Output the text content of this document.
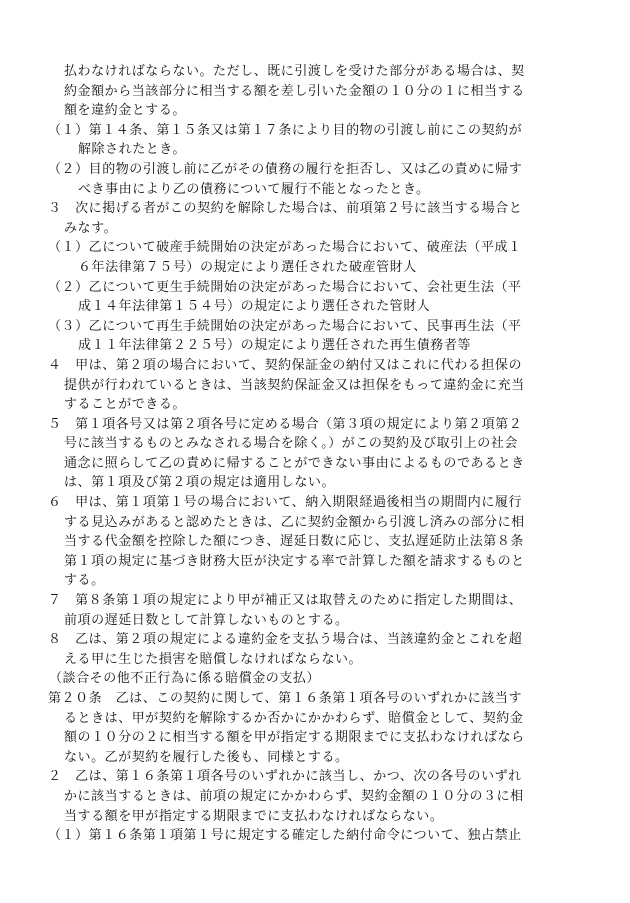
払わなければならない。ただし、既に引渡しを受けた部分がある場合は、契
約金額から当該部分に相当する額を差し引いた金額の１０分の１に相当する
額を違約金とする。
（１）第１４条、第１５条又は第１７条により目的物の引渡し前にこの契約が
解除されたとき。
（２）目的物の引渡し前に乙がその債務の履行を拒否し、又は乙の責めに帰す
べき事由により乙の債務について履行不能となったとき。
３　次に掲げる者がこの契約を解除した場合は、前項第２号に該当する場合と
みなす。
（１）乙について破産手続開始の決定があった場合において、破産法（平成１
６年法律第７５号）の規定により選任された破産管財人
（２）乙について更生手続開始の決定があった場合において、会社更生法（平
成１４年法律第１５４号）の規定により選任された管財人
（３）乙について再生手続開始の決定があった場合において、民事再生法（平
成１１年法律第２２５号）の規定により選任された再生債務者等
４　甲は、第２項の場合において、契約保証金の納付又はこれに代わる担保の
提供が行われているときは、当該契約保証金又は担保をもって違約金に充当
することができる。
５　第１項各号又は第２項各号に定める場合（第３項の規定により第２項第２
号に該当するものとみなされる場合を除く。）がこの契約及び取引上の社会
通念に照らして乙の責めに帰することができない事由によるものであるとき
は、第１項及び第２項の規定は適用しない。
６　甲は、第１項第１号の場合において、納入期限経過後相当の期間内に履行
する見込みがあると認めたときは、乙に契約金額から引渡し済みの部分に相
当する代金額を控除した額につき、遅延日数に応じ、支払遅延防止法第８条
第１項の規定に基づき財務大臣が決定する率で計算した額を請求するものと
する。
７　第８条第１項の規定により甲が補正又は取替えのために指定した期間は、
前項の遅延日数として計算しないものとする。
８　乙は、第２項の規定による違約金を支払う場合は、当該違約金とこれを超
える甲に生じた損害を賠償しなければならない。
（談合その他不正行為に係る賠償金の支払）
第２０条　乙は、この契約に関して、第１６条第１項各号のいずれかに該当す
るときは、甲が契約を解除するか否かにかかわらず、賠償金として、契約金
額の１０分の２に相当する額を甲が指定する期限までに支払わなければなら
ない。乙が契約を履行した後も、同様とする。
２　乙は、第１６条第１項各号のいずれかに該当し、かつ、次の各号のいずれ
かに該当するときは、前項の規定にかかわらず、契約金額の１０分の３に相
当する額を甲が指定する期限までに支払わなければならない。
（１）第１６条第１項第１号に規定する確定した納付命令について、独占禁止
